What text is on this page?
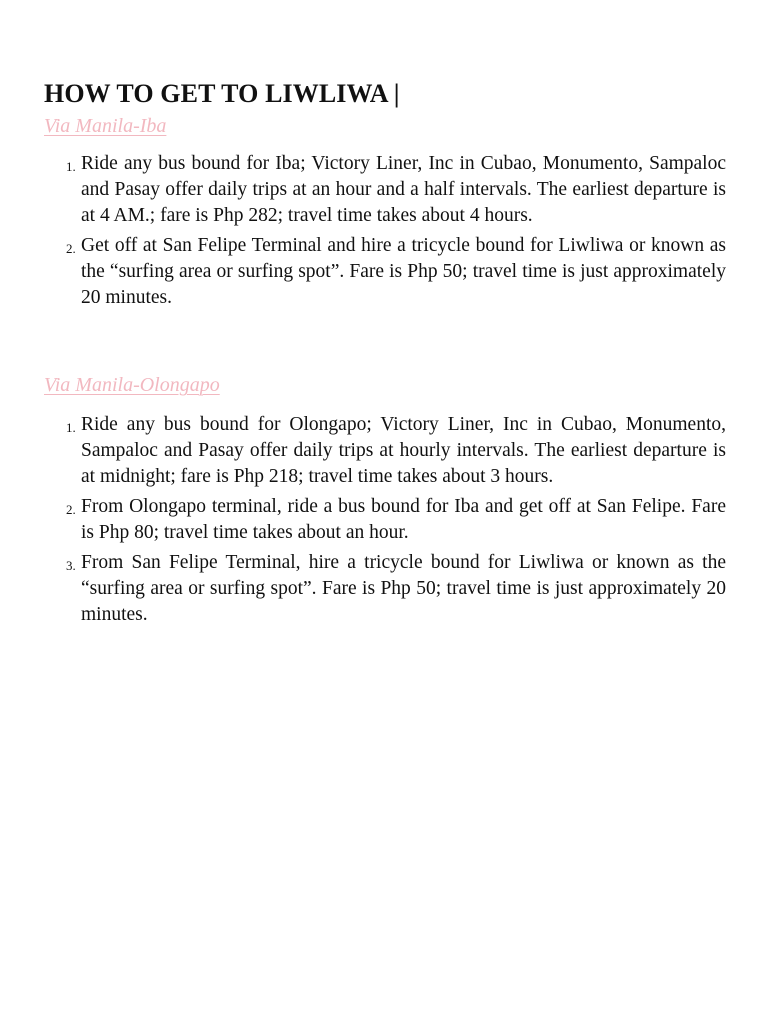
HOW TO GET TO LIWLIWA |
Via Manila-Iba
1. Ride any bus bound for Iba; Victory Liner, Inc in Cubao, Monumento, Sampaloc and Pasay offer daily trips at an hour and a half intervals. The earliest departure is at 4 AM.; fare is Php 282; travel time takes about 4 hours.
2. Get off at San Felipe Terminal and hire a tricycle bound for Liwliwa or known as the “surfing area or surfing spot”. Fare is Php 50; travel time is just approximately 20 minutes.
Via Manila-Olongapo
1. Ride any bus bound for Olongapo; Victory Liner, Inc in Cubao, Monumento, Sampaloc and Pasay offer daily trips at hourly intervals. The earliest departure is at midnight; fare is Php 218; travel time takes about 3 hours.
2. From Olongapo terminal, ride a bus bound for Iba and get off at San Felipe. Fare is Php 80; travel time takes about an hour.
3. From San Felipe Terminal, hire a tricycle bound for Liwliwa or known as the “surfing area or surfing spot”. Fare is Php 50; travel time is just approximately 20 minutes.
